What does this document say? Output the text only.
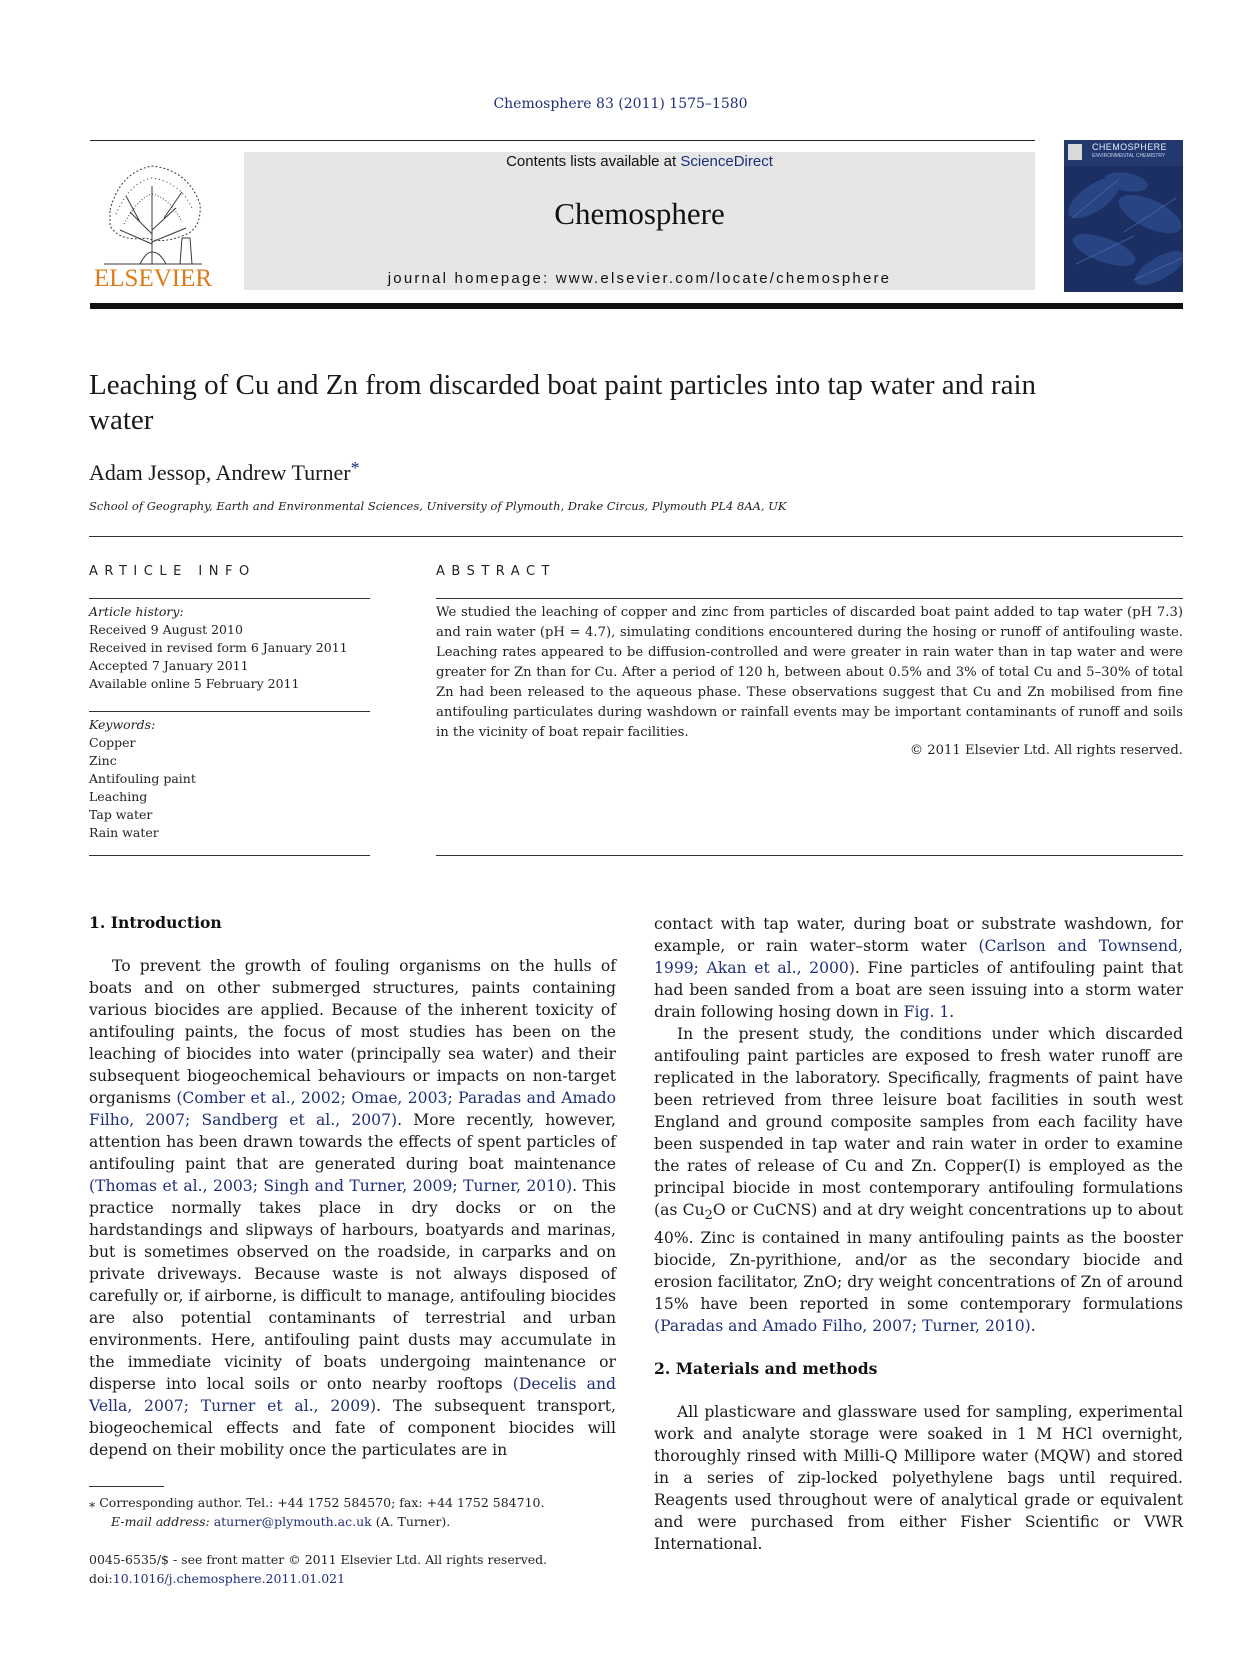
Chemosphere 83 (2011) 1575–1580
ELSEVIER
Contents lists available at ScienceDirect
Chemosphere
journal homepage: www.elsevier.com/locate/chemosphere
CHEMOSPHERE
ENVIRONMENTAL CHEMISTRY
Leaching of Cu and Zn from discarded boat paint particles into tap water and rain water
Adam Jessop, Andrew Turner*
School of Geography, Earth and Environmental Sciences, University of Plymouth, Drake Circus, Plymouth PL4 8AA, UK
ARTICLE INFO
Article history:
Received 9 August 2010
Received in revised form 6 January 2011
Accepted 7 January 2011
Available online 5 February 2011
Keywords:
Copper
Zinc
Antifouling paint
Leaching
Tap water
Rain water
ABSTRACT
We studied the leaching of copper and zinc from particles of discarded boat paint added to tap water (pH 7.3) and rain water (pH = 4.7), simulating conditions encountered during the hosing or runoff of antifouling waste. Leaching rates appeared to be diffusion-controlled and were greater in rain water than in tap water and were greater for Zn than for Cu. After a period of 120 h, between about 0.5% and 3% of total Cu and 5–30% of total Zn had been released to the aqueous phase. These observations suggest that Cu and Zn mobilised from fine antifouling particulates during washdown or rainfall events may be important contaminants of runoff and soils in the vicinity of boat repair facilities.
© 2011 Elsevier Ltd. All rights reserved.
1. Introduction

To prevent the growth of fouling organisms on the hulls of boats and on other submerged structures, paints containing various biocides are applied. Because of the inherent toxicity of antifouling paints, the focus of most studies has been on the leaching of biocides into water (principally sea water) and their subsequent biogeochemical behaviours or impacts on non-target organisms (Comber et al., 2002; Omae, 2003; Paradas and Amado Filho, 2007; Sandberg et al., 2007). More recently, however, attention has been drawn towards the effects of spent particles of antifouling paint that are generated during boat maintenance (Thomas et al., 2003; Singh and Turner, 2009; Turner, 2010). This practice normally takes place in dry docks or on the hardstandings and slipways of harbours, boatyards and marinas, but is sometimes observed on the roadside, in carparks and on private driveways. Because waste is not always disposed of carefully or, if airborne, is difficult to manage, antifouling biocides are also potential contaminants of terrestrial and urban environments. Here, antifouling paint dusts may accumulate in the immediate vicinity of boats undergoing maintenance or disperse into local soils or onto nearby rooftops (Decelis and Vella, 2007; Turner et al., 2009). The subsequent transport, biogeochemical effects and fate of component biocides will depend on their mobility once the particulates are in

contact with tap water, during boat or substrate washdown, for example, or rain water–storm water (Carlson and Townsend, 1999; Akan et al., 2000). Fine particles of antifouling paint that had been sanded from a boat are seen issuing into a storm water drain following hosing down in Fig. 1.

In the present study, the conditions under which discarded antifouling paint particles are exposed to fresh water runoff are replicated in the laboratory. Specifically, fragments of paint have been retrieved from three leisure boat facilities in south west England and ground composite samples from each facility have been suspended in tap water and rain water in order to examine the rates of release of Cu and Zn. Copper(I) is employed as the principal biocide in most contemporary antifouling formulations (as $Cu_2O$ or CuCNS) and at dry weight concentrations up to about 40%. Zinc is contained in many antifouling paints as the booster biocide, Zn-pyrithione, and/or as the secondary biocide and erosion facilitator, ZnO; dry weight concentrations of Zn of around 15% have been reported in some contemporary formulations (Paradas and Amado Filho, 2007; Turner, 2010).

2. Materials and methods

All plasticware and glassware used for sampling, experimental work and analyte storage were soaked in 1 M HCl overnight, thoroughly rinsed with Milli-Q Millipore water (MQW) and stored in a series of zip-locked polyethylene bags until required. Reagents used throughout were of analytical grade or equivalent and were purchased from either Fisher Scientific or VWR International.

⁎ Corresponding author. Tel.: +44 1752 584570; fax: +44 1752 584710.
E-mail address: aturner@plymouth.ac.uk (A. Turner).
0045-6535/$ - see front matter © 2011 Elsevier Ltd. All rights reserved.
doi:10.1016/j.chemosphere.2011.01.021
